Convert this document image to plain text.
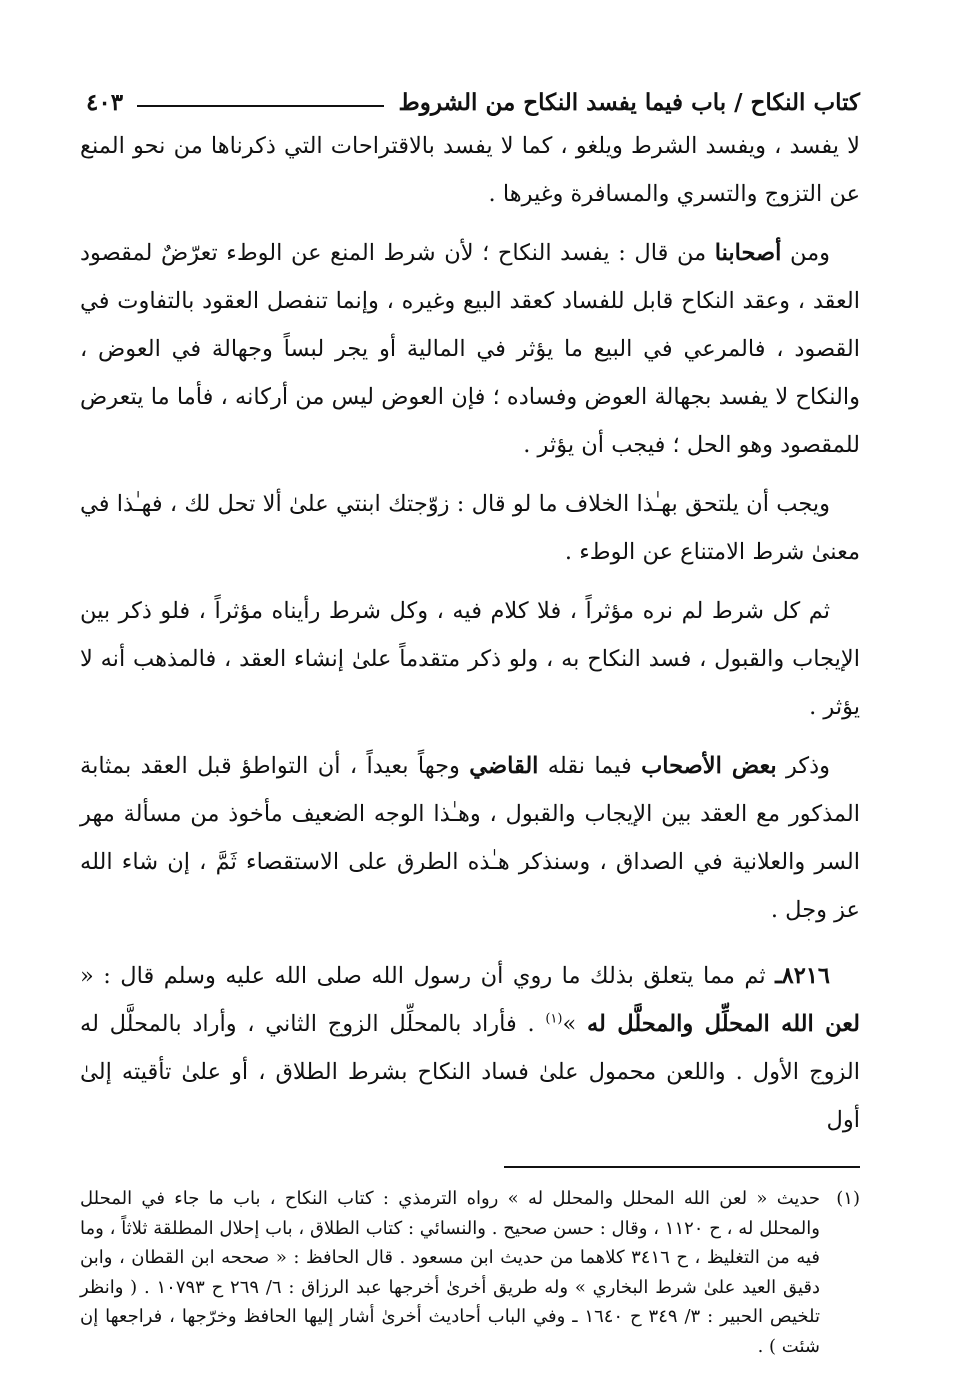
كتاب النكاح / باب فيما يفسد النكاح من الشروط
٤٠٣

لا يفسد ، ويفسد الشرط ويلغو ، كما لا يفسد بالاقتراحات التي ذكرناها من نحو المنع عن التزوج والتسري والمسافرة وغيرها .

ومن أصحابنا من قال : يفسد النكاح ؛ لأن شرط المنع عن الوطء تعرّضٌ لمقصود العقد ، وعقد النكاح قابل للفساد كعقد البيع وغيره ، وإنما تنفصل العقود بالتفاوت في القصود ، فالمرعي في البيع ما يؤثر في المالية أو يجر لبساً وجهالة في العوض ، والنكاح لا يفسد بجهالة العوض وفساده ؛ فإن العوض ليس من أركانه ، فأما ما يتعرض للمقصود وهو الحل ؛ فيجب أن يؤثر .

ويجب أن يلتحق بهـٰذا الخلاف ما لو قال : زوّجتك ابنتي علىٰ ألا تحل لك ، فهـٰذا في معنىٰ شرط الامتناع عن الوطء .

ثم كل شرط لم نره مؤثراً ، فلا كلام فيه ، وكل شرط رأيناه مؤثراً ، فلو ذكر بين الإيجاب والقبول ، فسد النكاح به ، ولو ذكر متقدماً علىٰ إنشاء العقد ، فالمذهب أنه لا يؤثر .

وذكر بعض الأصحاب فيما نقله القاضي وجهاً بعيداً ، أن التواطؤ قبل العقد بمثابة المذكور مع العقد بين الإيجاب والقبول ، وهـٰذا الوجه الضعيف مأخوذ من مسألة مهر السر والعلانية في الصداق ، وسنذكر هـٰذه الطرق على الاستقصاء ثَمَّ ، إن شاء الله عز وجل .

٨٢١٦ـ ثم مما يتعلق بذلك ما روي أن رسول الله صلى الله عليه وسلم قال : « لعن الله المحلِّل والمحلَّل له »$^{(١)}$ . فأراد بالمحلِّل الزوج الثاني ، وأراد بالمحلَّل له الزوج الأول . واللعن محمول علىٰ فساد النكاح بشرط الطلاق ، أو علىٰ تأقيته إلىٰ أول

(١)
حديث « لعن الله المحلل والمحلل له » رواه الترمذي : كتاب النكاح ، باب ما جاء في المحلل والمحلل له ، ح ١١٢٠ ، وقال : حسن صحيح . والنسائي : كتاب الطلاق ، باب إحلال المطلقة ثلاثاً ، وما فيه من التغليظ ، ح ٣٤١٦ كلاهما من حديث ابن مسعود . قال الحافظ : « صححه ابن القطان ، وابن دقيق العيد علىٰ شرط البخاري » وله طريق أخرىٰ أخرجها عبد الرزاق : ٦/ ٢٦٩ ح ١٠٧٩٣ . ( وانظر تلخيص الحبير : ٣/ ٣٤٩ ح ١٦٤٠ ـ وفي الباب أحاديث أخرىٰ أشار إليها الحافظ وخرّجها ، فراجعها إن شئت ) .
